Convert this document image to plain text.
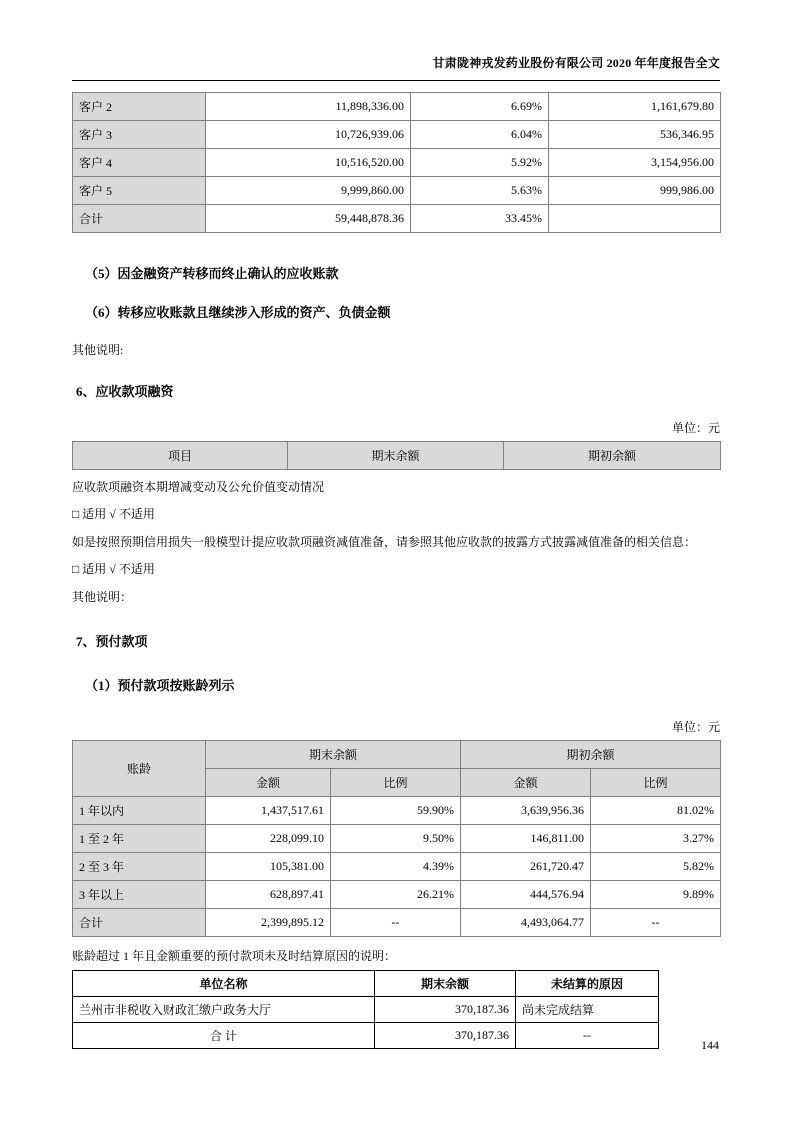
甘肃陇神戎发药业股份有限公司 2020 年年度报告全文
客户 2	11,898,336.00	6.69%	1,161,679.80
客户 3	10,726,939.06	6.04%	536,346.95
客户 4	10,516,520.00	5.92%	3,154,956.00
客户 5	9,999,860.00	5.63%	999,986.00
合计	59,448,878.36	33.45%	
（5）因金融资产转移而终止确认的应收账款
（6）转移应收账款且继续涉入形成的资产、负债金额
其他说明:
6、应收款项融资
单位：元
项目	期末余额	期初余额
应收款项融资本期增减变动及公允价值变动情况
□ 适用 √ 不适用
如是按照预期信用损失一般模型计提应收款项融资减值准备，请参照其他应收款的披露方式披露减值准备的相关信息：
□ 适用 √ 不适用
其他说明：
7、预付款项
（1）预付款项按账龄列示
单位：元
账龄	期末余额		期初余额	
	金额	比例	金额	比例
1 年以内	1,437,517.61	59.90%	3,639,956.36	81.02%
1 至 2 年	228,099.10	9.50%	146,811.00	3.27%
2 至 3 年	105,381.00	4.39%	261,720.47	5.82%
3 年以上	628,897.41	26.21%	444,576.94	9.89%
合计	2,399,895.12	--	4,493,064.77	--
账龄超过 1 年且金额重要的预付款项未及时结算原因的说明：
单位名称	期末余额	未结算的原因
兰州市非税收入财政汇缴户政务大厅	370,187.36	尚未完成结算
合 计	370,187.36	--
144
